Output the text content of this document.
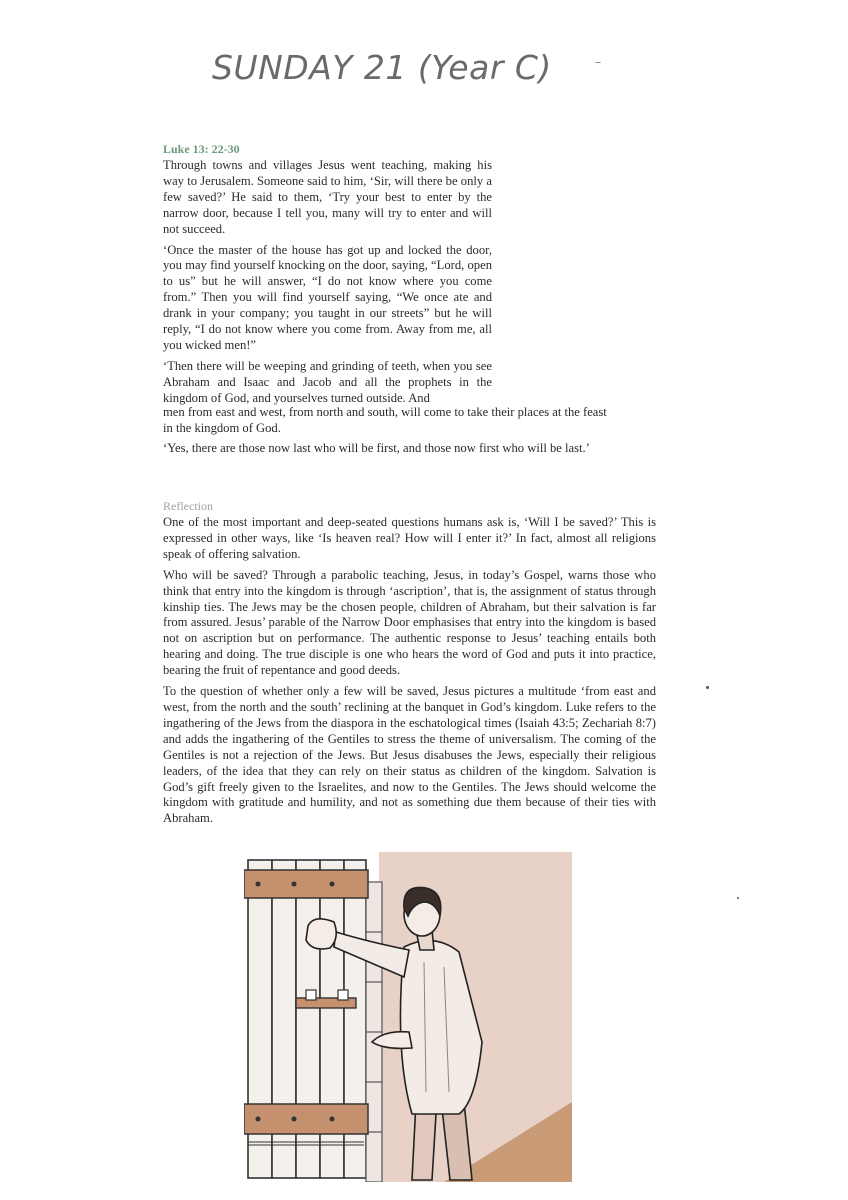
SUNDAY 21 (Year C)
Luke 13: 22-30

Through towns and villages Jesus went teaching, making his way to Jerusalem. Someone said to him, ‘Sir, will there be only a few saved?’ He said to them, ‘Try your best to enter by the narrow door, because I tell you, many will try to enter and will not succeed.

‘Once the master of the house has got up and locked the door, you may find yourself knocking on the door, saying, “Lord, open to us” but he will answer, “I do not know where you come from.” Then you will find yourself saying, “We once ate and drank in your company; you taught in our streets” but he will reply, “I do not know where you come from. Away from me, all you wicked men!”

‘Then there will be weeping and grinding of teeth, when you see Abraham and Isaac and Jacob and all the prophets in the kingdom of God, and yourselves turned outside. And

men from east and west, from north and south, will come to take their places at the feast
in the kingdom of God.
‘Yes, there are those now last who will be first, and those now first who will be last.’
Reflection

One of the most important and deep-seated questions humans ask is, ‘Will I be saved?’ This is expressed in other ways, like ‘Is heaven real? How will I enter it?’ In fact, almost all religions speak of offering salvation.

Who will be saved? Through a parabolic teaching, Jesus, in today’s Gospel, warns those who think that entry into the kingdom is through ‘ascription’, that is, the assignment of status through kinship ties. The Jews may be the chosen people, children of Abraham, but their salvation is far from assured. Jesus’ parable of the Narrow Door emphasises that entry into the kingdom is based not on ascription but on performance. The authentic response to Jesus’ teaching entails both hearing and doing. The true disciple is one who hears the word of God and puts it into practice, bearing the fruit of repentance and good deeds.

To the question of whether only a few will be saved, Jesus pictures a multitude ‘from east and west, from the north and the south’ reclining at the banquet in God’s kingdom. Luke refers to the ingathering of the Jews from the diaspora in the eschatological times (Isaiah 43:5; Zechariah 8:7) and adds the ingathering of the Gentiles to stress the theme of universalism. The coming of the Gentiles is not a rejection of the Jews. But Jesus disabuses the Jews, especially their religious leaders, of the idea that they can rely on their status as children of the kingdom. Salvation is God’s gift freely given to the Israelites, and now to the Gentiles. The Jews should welcome the kingdom with gratitude and humility, and not as something due them because of their ties with Abraham.
